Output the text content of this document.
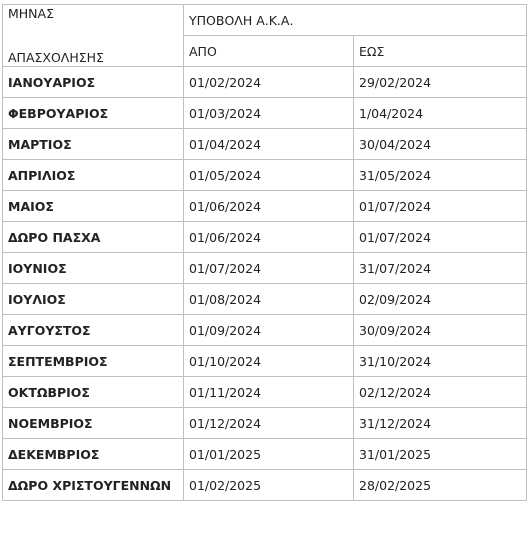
ΜΗΝΑΣ
ΑΠΑΣΧΟΛΗΣΗΣ	ΥΠΟΒΟΛΗ Α.Κ.Α.	
	ΑΠΟ	ΕΩΣ
ΙΑΝΟΥΑΡΙΟΣ	01/02/2024	29/02/2024
ΦΕΒΡΟΥΑΡΙΟΣ	01/03/2024	1/04/2024
ΜΑΡΤΙΟΣ	01/04/2024	30/04/2024
ΑΠΡΙΛΙΟΣ	01/05/2024	31/05/2024
ΜΑΙΟΣ	01/06/2024	01/07/2024
ΔΩΡΟ ΠΑΣΧΑ	01/06/2024	01/07/2024
ΙΟΥΝΙΟΣ	01/07/2024	31/07/2024
ΙΟΥΛΙΟΣ	01/08/2024	02/09/2024
ΑΥΓΟΥΣΤΟΣ	01/09/2024	30/09/2024
ΣΕΠΤΕΜΒΡΙΟΣ	01/10/2024	31/10/2024
ΟΚΤΩΒΡΙΟΣ	01/11/2024	02/12/2024
ΝΟΕΜΒΡΙΟΣ	01/12/2024	31/12/2024
ΔΕΚΕΜΒΡΙΟΣ	01/01/2025	31/01/2025
ΔΩΡΟ ΧΡΙΣΤΟΥΓΕΝΝΩΝ	01/02/2025	28/02/2025
